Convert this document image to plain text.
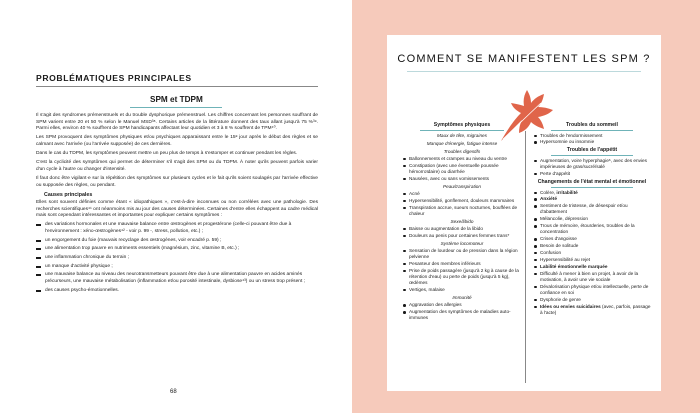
PROBLÉMATIQUES PRINCIPALES
SPM et TDPM

Il s'agit des syndromes prémenstruels et du trouble dysphorique prémenstruel. Les chiffres concernant les personnes souffrant de SPM varient entre 20 et 50 % selon le Manuel MSD³⁸. Certains articles de la littérature donnent des taux allant jusqu'à 75 %³⁹. Parmi elles, environ 40 % souffrent de SPM handicapants affectant leur quotidien et 3 à 8 % souffrent de TPM⁴⁰.

Les SPM provoquent des symptômes physiques et/ou psychiques apparaissant entre le 15ᵉ jour après le début des règles et se calmant avec l'arrivée (ou l'arrivée supposée) de ces dernières.

Dans le cas du TDPM, les symptômes peuvent mettre un peu plus de temps à s'estomper et continuer pendant les règles.

C'est la cyclicité des symptômes qui permet de déterminer s'il s'agit des SPM ou du TDPM. À noter qu'ils peuvent parfois varier d'un cycle à l'autre ou changer d'intensité.

Il faut donc être vigilant·e sur la répétition des symptômes sur plusieurs cycles et le fait qu'ils soient soulagés par l'arrivée effective ou supposée des règles, ou pendant.

Causes principales

Elles sont souvent définies comme étant « idiopathiques », c'est-à-dire inconnues ou non corrélées avec une pathologie. Des recherches scientifiques⁴¹ ont néanmoins mis au jour des causes déterminées. Certaines d'entre elles échappent au cadre médical mais sont cependant intéressantes et importantes pour expliquer certains symptômes :

des variations hormonales et une mauvaise balance entre œstrogènes et progestérone (celle-ci pouvant être due à l'environnement : xéno-œstrogènes⁴² - voir p. 99 -, stress, pollution, etc.) ;
un engorgement du foie (mauvais recyclage des œstrogènes, voir encadré p. 59) ;
une alimentation trop pauvre en nutriments essentiels (magnésium, zinc, vitamine B, etc.) ;
une inflammation chronique du terrain ;
un manque d'activité physique ;
une mauvaise balance au niveau des neurotransmetteurs pouvant être due à une alimentation pauvre en acides aminés précurseurs, une mauvaise métabolisation (inflammation et/ou porosité intestinale, dysbiose⁴³) ou un stress trop présent ;
des causes psycho-émotionnelles.
68
COMMENT SE MANIFESTENT LES SPM ?
Symptômes physiques
Maux de tête, migraines
Manque d'énergie, fatigue intense
Troubles digestifs
Ballonnements et crampes au niveau du ventre
Constipation (avec une éventuelle poussée hémorroïdaire) ou diarrhée
Nausées, avec ou sans vomissements
Peau/transpiration
Acné
Hypersensibilité, gonflement, douleurs mammaires
Transpiration accrue, sueurs nocturnes, bouffées de chaleur
Sexe/libido
Baisse ou augmentation de la libido
Douleurs au penis pour certaines femmes trans*
Système locomoteur
Sensation de lourdeur ou de pression dans la région pelvienne
Pesanteur des membres inférieurs
Prise de poids passagère (jusqu'à 2 kg à cause de la rétention d'eau) ou perte de poids (jusqu'à 5 kg), œdèmes
Vertiges, malaise
Immunité
Aggravation des allergies
Augmentation des symptômes de maladies auto-immunes
Troubles du sommeil
Troubles de l'endormissement
Hypersomnie ou insomnie
Troubles de l'appétit
Augmentation, voire hyperphagie⁶, avec des envies impérieuses de gras/sucré/salé
Perte d'appétit
Changements de l'état mental et émotionnel
Colère, irritabilité
Anxiété
Sentiment de tristesse, de désespoir et/ou d'abattement
Mélancolie, dépression
Trous de mémoire, étourderies, troubles de la concentration
Crises d'angoisse
Besoin de solitude
Confusion
Hypersensibilité au rejet
Labilité émotionnelle marquée
Difficulté à mener à bien un projet, à avoir de la motivation, à avoir une vie sociale
Dévalorisation physique et/ou intellectuelle, perte de confiance en soi
Dysphorie de genre
Idées ou envies suicidaires (avec, parfois, passage à l'acte)
